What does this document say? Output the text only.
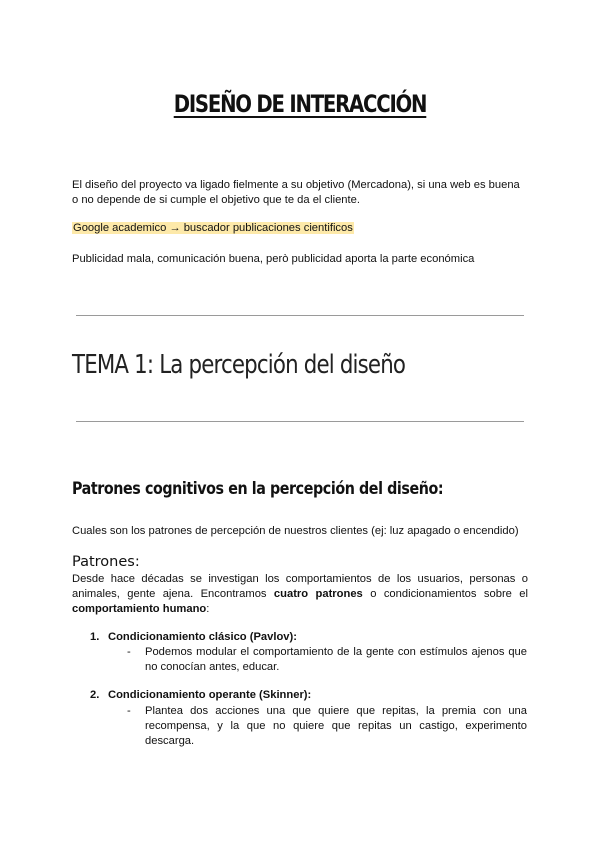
DISEÑO DE INTERACCIÓN
El diseño del proyecto va ligado fielmente a su objetivo (Mercadona), si una web es buena o no depende de si cumple el objetivo que te da el cliente.
Google academico → buscador publicaciones cientificos
Publicidad mala, comunicación buena, però publicidad aporta la parte económica
TEMA 1: La percepción del diseño
Patrones cognitivos en la percepción del diseño:
Cuales son los patrones de percepción de nuestros clientes (ej: luz apagado o encendido)
Patrones:
Desde hace décadas se investigan los comportamientos de los usuarios, personas o animales, gente ajena. Encontramos cuatro patrones o condicionamientos sobre el comportamiento humano:
1. Condicionamiento clásico (Pavlov):
- Podemos modular el comportamiento de la gente con estímulos ajenos que no conocían antes, educar.
2. Condicionamiento operante (Skinner):
- Plantea dos acciones una que quiere que repitas, la premia con una recompensa, y la que no quiere que repitas un castigo, experimento descarga.
